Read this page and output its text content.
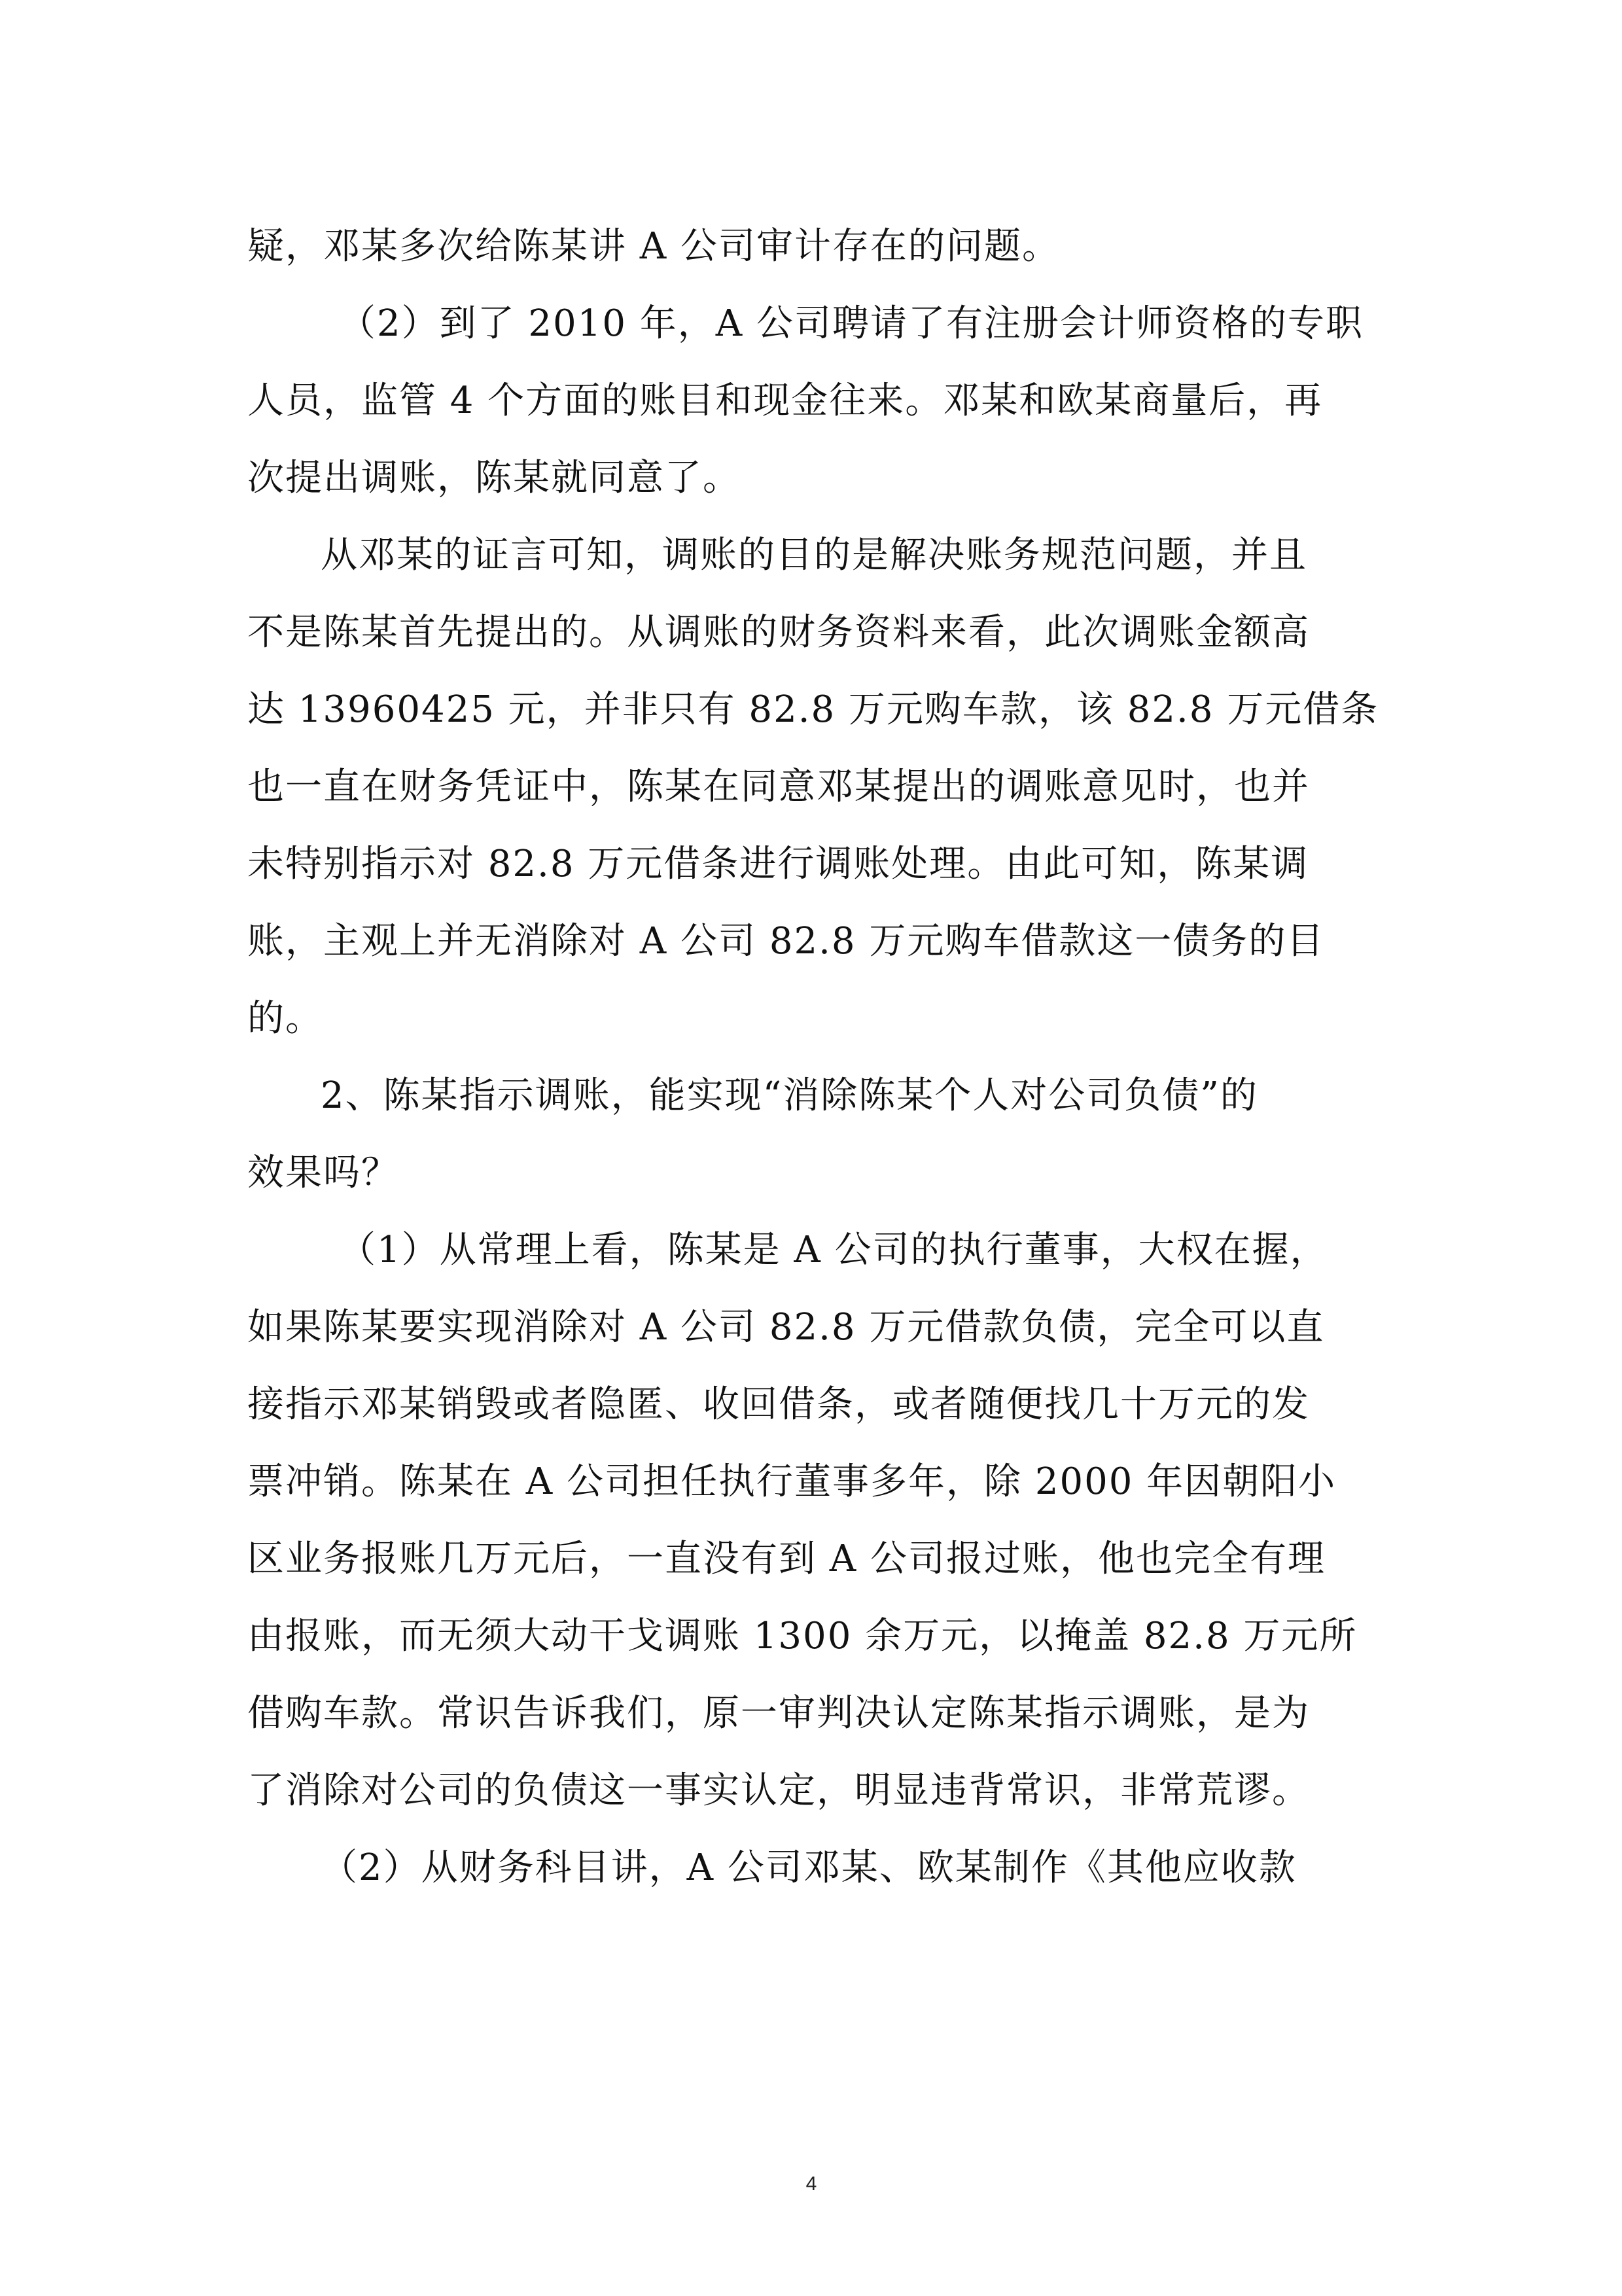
疑，邓某多次给陈某讲 A 公司审计存在的问题。
（2）到了 2010 年，A 公司聘请了有注册会计师资格的专职
人员，监管 4 个方面的账目和现金往来。邓某和欧某商量后，再
次提出调账，陈某就同意了。
从邓某的证言可知，调账的目的是解决账务规范问题，并且
不是陈某首先提出的。从调账的财务资料来看，此次调账金额高
达 13960425 元，并非只有 82.8 万元购车款，该 82.8 万元借条
也一直在财务凭证中，陈某在同意邓某提出的调账意见时，也并
未特别指示对 82.8 万元借条进行调账处理。由此可知，陈某调
账，主观上并无消除对 A 公司 82.8 万元购车借款这一债务的目
的。
2、陈某指示调账，能实现“消除陈某个人对公司负债”的
效果吗？
（1）从常理上看，陈某是 A 公司的执行董事，大权在握，
如果陈某要实现消除对 A 公司 82.8 万元借款负债，完全可以直
接指示邓某销毁或者隐匿、收回借条，或者随便找几十万元的发
票冲销。陈某在 A 公司担任执行董事多年，除 2000 年因朝阳小
区业务报账几万元后，一直没有到 A 公司报过账，他也完全有理
由报账，而无须大动干戈调账 1300 余万元，以掩盖 82.8 万元所
借购车款。常识告诉我们，原一审判决认定陈某指示调账，是为
了消除对公司的负债这一事实认定，明显违背常识，非常荒谬。
（2）从财务科目讲，A 公司邓某、欧某制作《其他应收款
4
